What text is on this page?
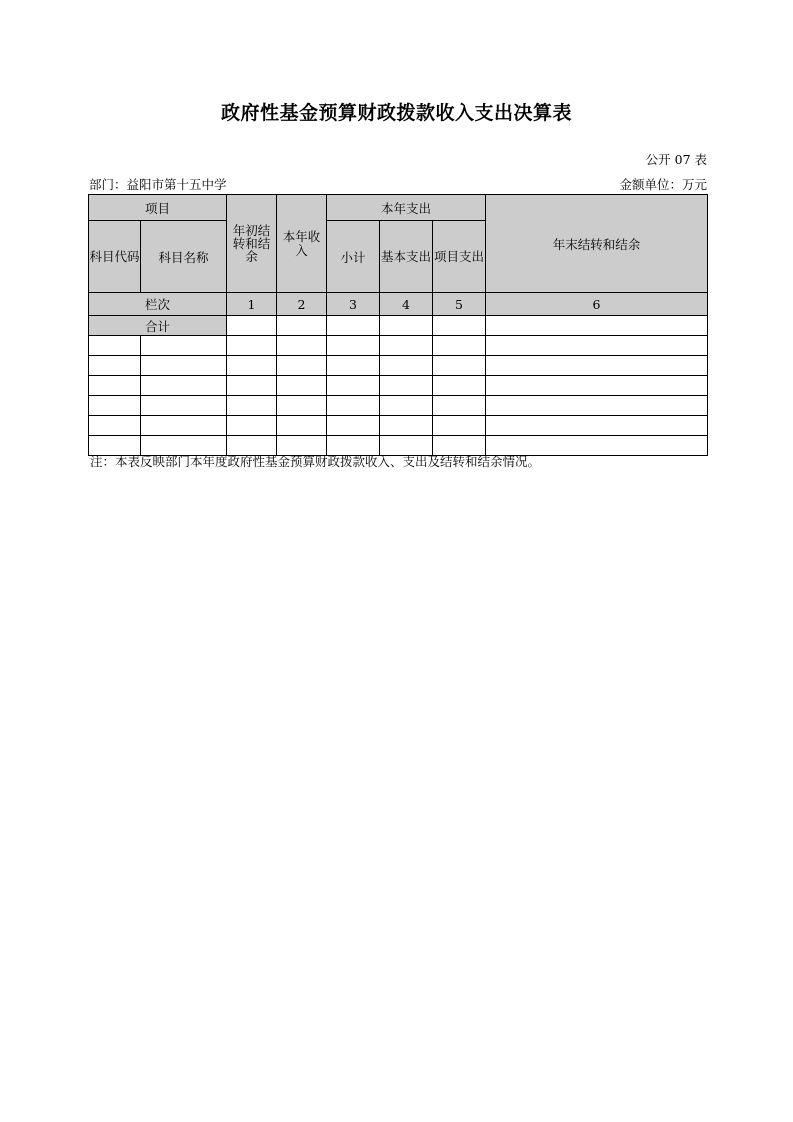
政府性基金预算财政拨款收入支出决算表
公开 07 表
部门：益阳市第十五中学	金额单位：万元
项目		年初结转和结余	本年收入	本年支出			年末结转和结余

科目代码	科目名称			小计	基本支出	项目支出	

栏次		1	2	3	4	5	6
合计							

注：本表反映部门本年度政府性基金预算财政拨款收入、支出及结转和结余情况。
